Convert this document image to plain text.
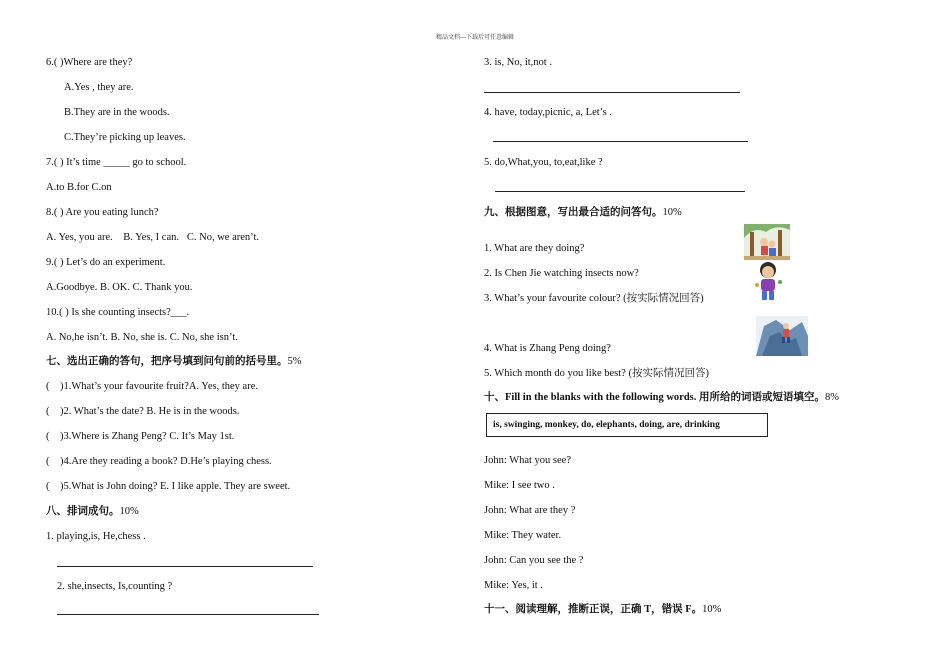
精品文档---下载后可任意编辑
6.( )Where are they?
A.Yes , they are.
B.They are in the woods.
C.They’re picking up leaves.
7.( ) It’s time _____ go to school.
A.to B.for C.on
8.( ) Are you eating lunch?
A. Yes, you are.    B. Yes, I can.   C. No, we aren’t.
9.( ) Let’s do an experiment.
A.Goodbye. B. OK. C. Thank you.
10.( ) Is she counting insects?___.
A. No,he isn’t. B. No, she is. C. No, she isn’t.
七、选出正确的答句，把序号填到问句前的括号里。5%
(    )1.What’s your favourite fruit?A. Yes, they are.
(    )2. What’s the date? B. He is in the woods.
(    )3.Where is Zhang Peng? C. It’s May 1st.
(    )4.Are they reading a book? D.He’s playing chess.
(    )5.What is John doing? E. I like apple. They are sweet.
八、排词成句。10%
1. playing,is, He,chess .
2. she,insects, Is,counting ?
3. is, No, it,not .
4. have, today,picnic, a, Let’s .
5. do,What,you, to,eat,like ?
九、根据图意，写出最合适的问答句。10%
1. What are they doing?
2. Is Chen Jie watching insects now?
3. What’s your favourite colour? (按实际情况回答)
4. What is Zhang Peng doing?
5. Which month do you like best? (按实际情况回答)
十、Fill in the blanks with the following words. 用所给的词语或短语填空。8%
is, swinging, monkey, do, elephants, doing, are, drinking
John: What you see?
Mike: I see two .
John: What are they ?
Mike: They water.
John: Can you see the ?
Mike: Yes, it .
十一、阅读理解，推断正误，正确 T，错误 F。10%
